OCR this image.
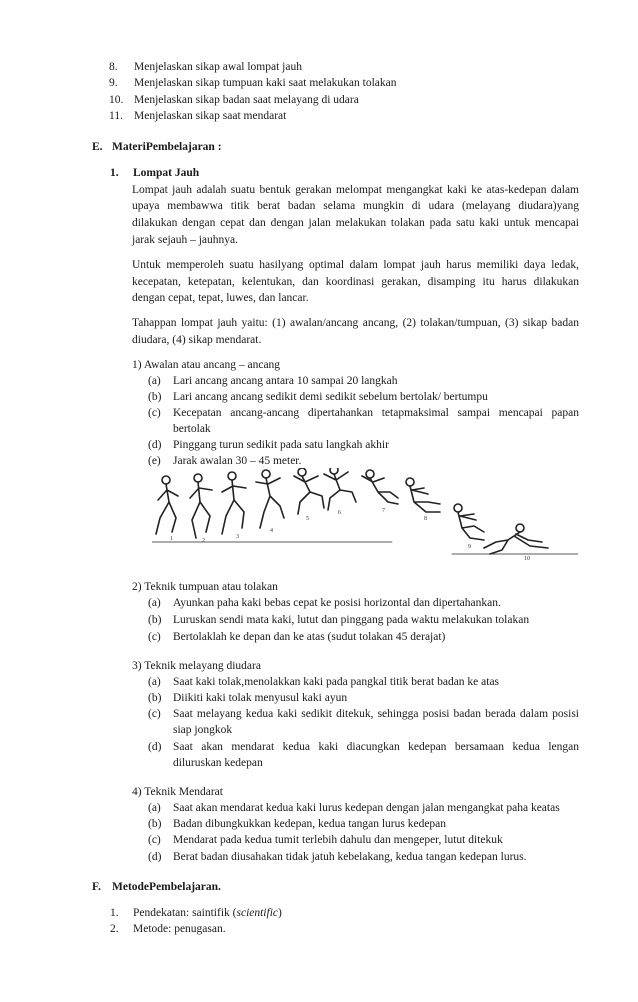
8. Menjelaskan sikap awal lompat jauh
9. Menjelaskan sikap tumpuan kaki saat melakukan tolakan
10. Menjelaskan sikap badan saat melayang di udara
11. Menjelaskan sikap saat mendarat
E. MateriPembelajaran :
1. Lompat Jauh
Lompat jauh adalah suatu bentuk gerakan melompat mengangkat kaki ke atas-kedepan dalam
upaya membawwa titik berat badan selama mungkin di udara (melayang diudara)yang
dilakukan dengan cepat dan dengan jalan melakukan tolakan pada satu kaki untuk mencapai
jarak sejauh – jauhnya.
Untuk memperoleh suatu hasilyang optimal dalam lompat jauh harus memiliki daya ledak,
kecepatan, ketepatan, kelentukan, dan koordinasi gerakan, disamping itu harus dilakukan
dengan cepat, tepat, luwes, dan lancar.
Tahappan lompat jauh yaitu: (1) awalan/ancang ancang, (2) tolakan/tumpuan, (3) sikap badan
diudara, (4) sikap mendarat.
1) Awalan atau ancang – ancang
(a) Lari ancang ancang antara 10 sampai 20 langkah
(b) Lari ancang ancang sedikit demi sedikit sebelum bertolak/ bertumpu
(c) Kecepatan ancang-ancang dipertahankan tetapmaksimal sampai mencapai papan
bertolak
(d) Pinggang turun sedikit pada satu langkah akhir
(e) Jarak awalan 30 – 45 meter.
1	2
3
4
5
6	7
8
9
10
2) Teknik tumpuan atau tolakan
(a) Ayunkan paha kaki bebas cepat ke posisi horizontal dan dipertahankan.
(b) Luruskan sendi mata kaki, lutut dan pinggang pada waktu melakukan tolakan
(c) Bertolaklah ke depan dan ke atas (sudut tolakan 45 derajat)
3) Teknik melayang diudara
(a) Saat kaki tolak,menolakkan kaki pada pangkal titik berat badan ke atas
(b) Diikiti kaki tolak menyusul kaki ayun
(c) Saat melayang kedua kaki sedikit ditekuk, sehingga posisi badan berada dalam posisi
siap jongkok
(d) Saat akan mendarat kedua kaki diacungkan kedepan bersamaan kedua lengan
diluruskan kedepan
4) Teknik Mendarat
(a) Saat akan mendarat kedua kaki lurus kedepan dengan jalan mengangkat paha keatas
(b) Badan dibungkukkan kedepan, kedua tangan lurus kedepan
(c) Mendarat pada kedua tumit terlebih dahulu dan mengeper, lutut ditekuk
(d) Berat badan diusahakan tidak jatuh kebelakang, kedua tangan kedepan lurus.
F. MetodePembelajaran.
1. Pendekatan: saintifik (scientific)
2. Metode: penugasan.
